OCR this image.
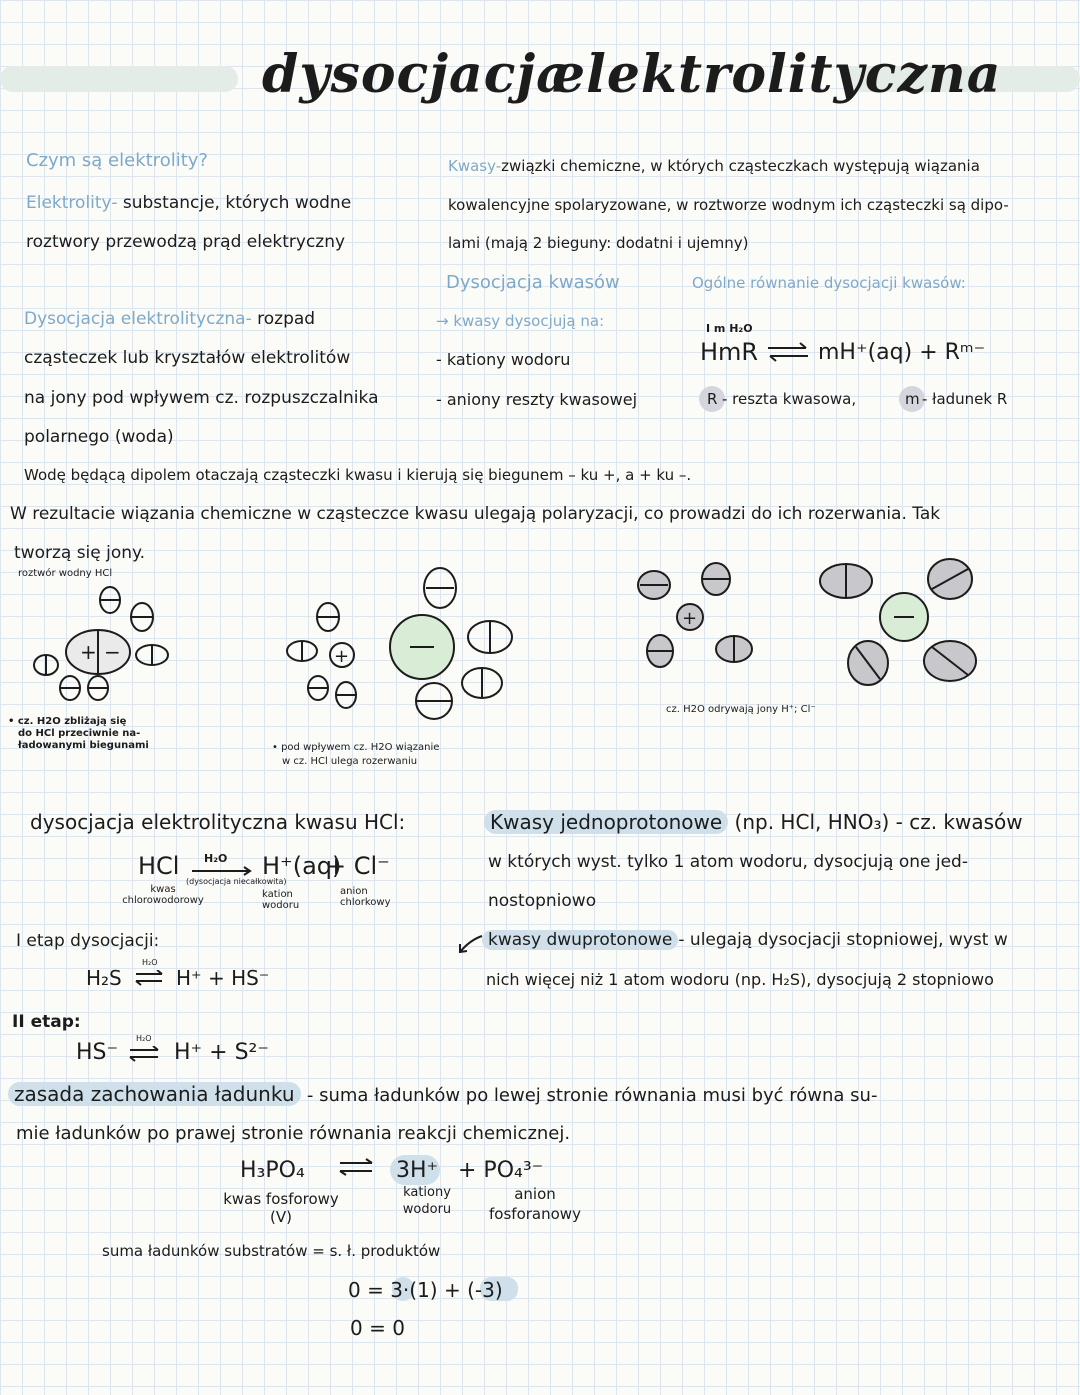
dysocjacja
elektrolityczna
Czym są elektrolity?
Elektrolity- substancje, których wodne
roztwory przewodzą prąd elektryczny
Dysocjacja elektrolityczna- rozpad
cząsteczek lub kryształów elektrolitów
na jony pod wpływem cz. rozpuszczalnika
polarnego (woda)
Kwasy-związki chemiczne, w których cząsteczkach występują wiązania
kowalencyjne spolaryzowane, w roztworze wodnym ich cząsteczki są dipo-
lami (mają 2 bieguny: dodatni i ujemny)
Dysocjacja kwasów	Ogólne równanie dysocjacji kwasów:
→ kwasy dysocjują na:
- kationy wodoru
- aniony reszty kwasowej
I m H₂O
HmR ⇌ mH⁺(aq) + Rᵐ⁻
R - reszta kwasowa,	m - ładunek R
Wodę będącą dipolem otaczają cząsteczki kwasu i kierują się biegunem – ku +, a + ku –.
W rezultacie wiązania chemiczne w cząsteczce kwasu ulegają polaryzacji, co prowadzi do ich rozerwania. Tak
tworzą się jony.
roztwór wodny HCl
+ −	+
+
• cz. H2O zbliżają się
do HCl przeciwnie na-
ładowanymi biegunami	• pod wpływem cz. H2O wiązanie
w cz. HCl ulega rozerwaniu
cz. H2O odrywają jony H⁺; Cl⁻
dysocjacja elektrolityczna kwasu HCl:
HCl
kwas chlorowodorowy
H₂O
(dysocjacja niecałkowita)
H⁺(aq)
kation wodoru
+ Cl⁻
anion chlorkowy
I etap dysocjacji:
H₂S
H₂O
⇌ H⁺ + HS⁻
II etap:
HS⁻
H₂O
⇌ H⁺ + S²⁻
Kwasy jednoprotonowe (np. HCl, HNO₃) - cz. kwasów
w których wyst. tylko 1 atom wodoru, dysocjują one jed-
nostopniowo
kwasy dwuprotonowe - ulegają dysocjacji stopniowej, wyst w
nich więcej niż 1 atom wodoru (np. H₂S), dysocjują 2 stopniowo
zasada zachowania ładunku - suma ładunków po lewej stronie równania musi być równa su-
mie ładunków po prawej stronie równania reakcji chemicznej.
H₃PO₄ ⇌ 3H⁺ + PO₄³⁻
kwas fosforowy (V)
kationy wodoru
anion fosforanowy
suma ładunków substratów = s. ł. produktów
0 = 3·(1) + (-3)
0 = 0
